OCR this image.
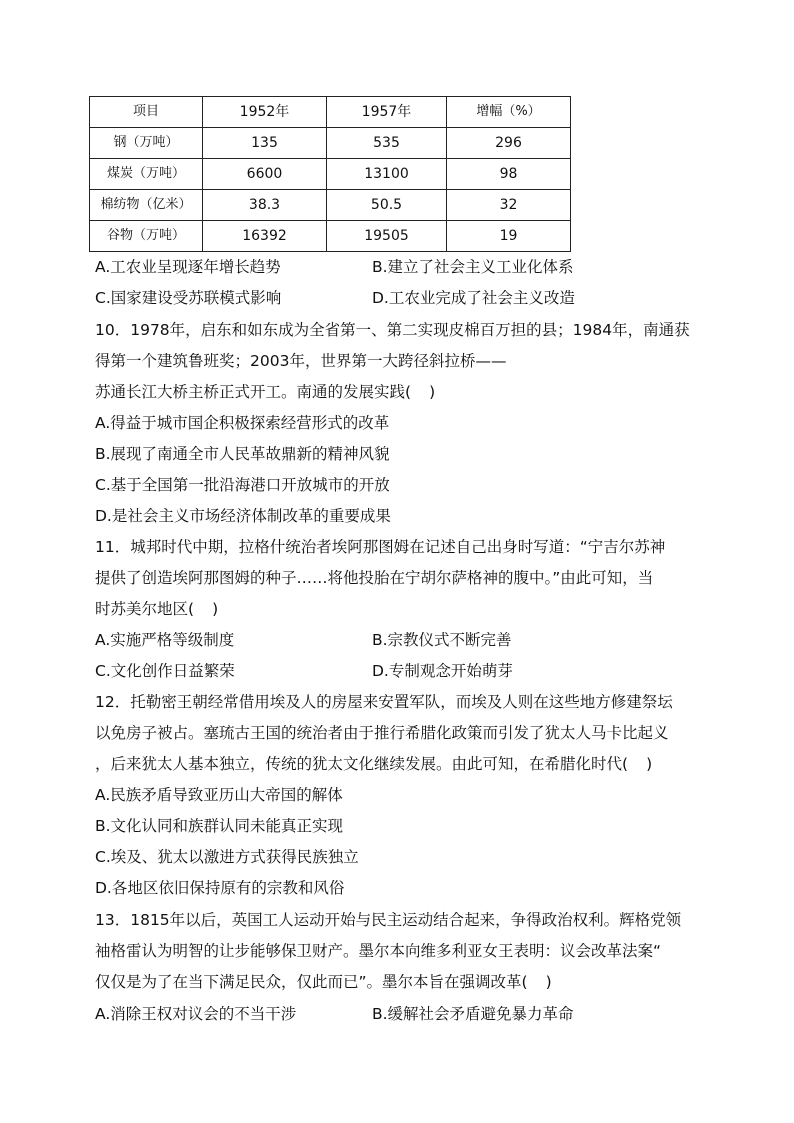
项目	1952年	1957年	增幅（%）
钢（万吨）	135	535	296
煤炭（万吨）	6600	13100	98
棉纺物（亿米）	38.3	50.5	32
谷物（万吨）	16392	19505	19
A.工农业呈现逐年增长趋势	B.建立了社会主义工业化体系
C.国家建设受苏联模式影响	D.工农业完成了社会主义改造
10．1978年，启东和如东成为全省第一、第二实现皮棉百万担的县；1984年，南通获
得第一个建筑鲁班奖；2003年，世界第一大跨径斜拉桥——
苏通长江大桥主桥正式开工。南通的发展实践( )
A.得益于城市国企积极探索经营形式的改革
B.展现了南通全市人民革故鼎新的精神风貌
C.基于全国第一批沿海港口开放城市的开放
D.是社会主义市场经济体制改革的重要成果
11．城邦时代中期，拉格什统治者埃阿那图姆在记述自己出身时写道：“宁吉尔苏神
提供了创造埃阿那图姆的种子……将他投胎在宁胡尔萨格神的腹中。”由此可知，当
时苏美尔地区( )
A.实施严格等级制度	B.宗教仪式不断完善
C.文化创作日益繁荣	D.专制观念开始萌芽
12．托勒密王朝经常借用埃及人的房屋来安置军队，而埃及人则在这些地方修建祭坛
以免房子被占。塞琉古王国的统治者由于推行希腊化政策而引发了犹太人马卡比起义
，后来犹太人基本独立，传统的犹太文化继续发展。由此可知，在希腊化时代( )
A.民族矛盾导致亚历山大帝国的解体
B.文化认同和族群认同未能真正实现
C.埃及、犹太以激进方式获得民族独立
D.各地区依旧保持原有的宗教和风俗
13．1815年以后，英国工人运动开始与民主运动结合起来，争得政治权利。辉格党领
袖格雷认为明智的让步能够保卫财产。墨尔本向维多利亚女王表明：议会改革法案“
仅仅是为了在当下满足民众，仅此而已”。墨尔本旨在强调改革( )
A.消除王权对议会的不当干涉	B.缓解社会矛盾避免暴力革命
